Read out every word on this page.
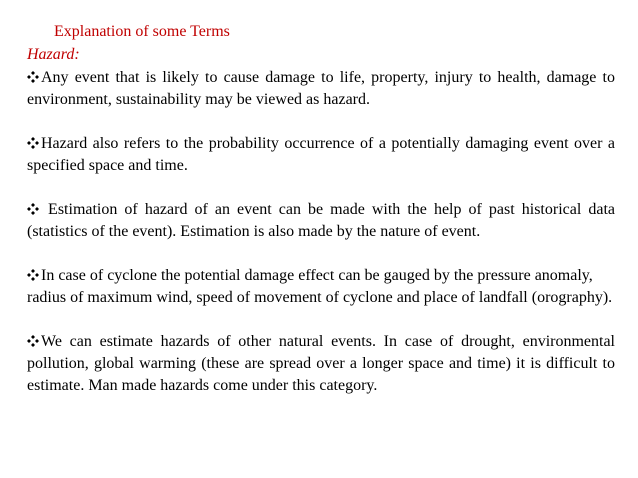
Explanation of some Terms
Hazard:

Any event that is likely to cause damage to life, property, injury to health, damage to environment, sustainability may be viewed as hazard.

Hazard also refers to the probability occurrence of a potentially damaging event over a specified space and time.

Estimation of hazard of an event can be made with the help of past historical data (statistics of the event). Estimation is also made by the nature of event.

In case of cyclone the potential damage effect can be gauged by the pressure anomaly, radius of maximum wind, speed of movement of cyclone and place of landfall (orography).

We can estimate hazards of other natural events. In case of drought, environmental pollution, global warming (these are spread over a longer space and time) it is difficult to estimate. Man made hazards come under this category.
